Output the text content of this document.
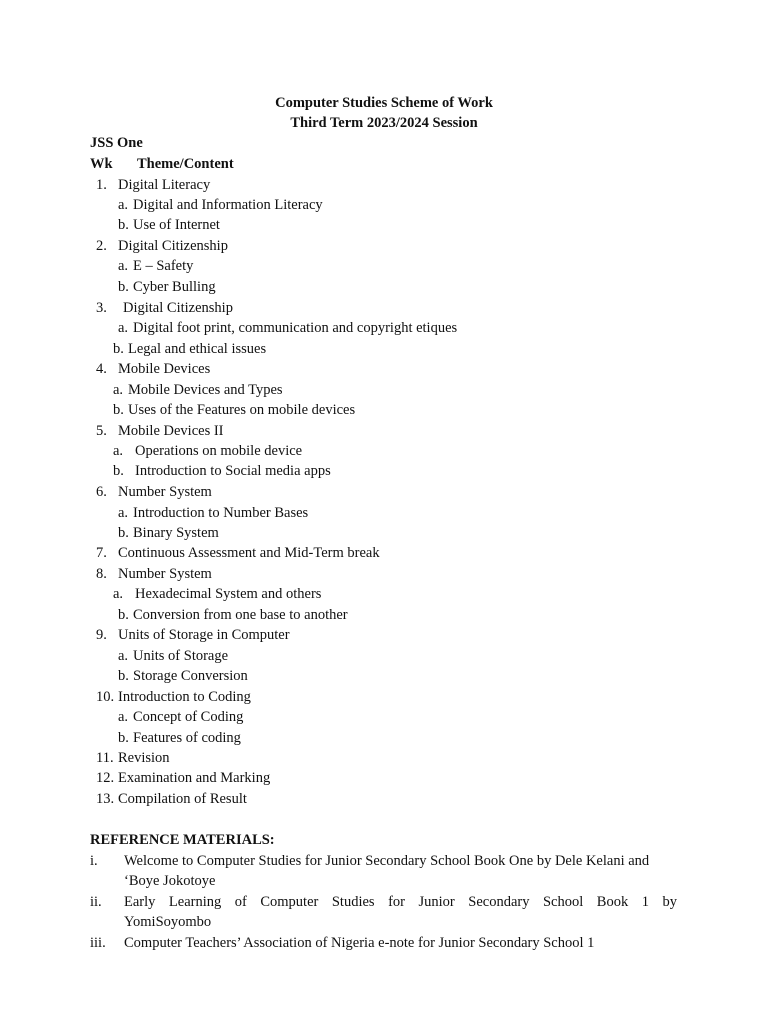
Computer Studies Scheme of Work
Third Term 2023/2024 Session
JSS One
Wk Theme/Content
1. Digital Literacy
a. Digital and Information Literacy
b. Use of Internet
2. Digital Citizenship
a. E – Safety
b. Cyber Bulling
3. Digital Citizenship
a. Digital foot print, communication and copyright etiques
b. Legal and ethical issues
4. Mobile Devices
a. Mobile Devices and Types
b. Uses of the Features on mobile devices
5. Mobile Devices II
a. Operations on mobile device
b. Introduction to Social media apps
6. Number System
a. Introduction to Number Bases
b. Binary System
7. Continuous Assessment and Mid-Term break
8. Number System
a. Hexadecimal System and others
b. Conversion from one base to another
9. Units of Storage in Computer
a. Units of Storage
b. Storage Conversion
10. Introduction to Coding
a. Concept of Coding
b. Features of coding
11. Revision
12. Examination and Marking
13. Compilation of Result
REFERENCE MATERIALS:
i. Welcome to Computer Studies for Junior Secondary School Book One by Dele Kelani and
‘Boye Jokotoye
ii. Early Learning of Computer Studies for Junior Secondary School Book 1 by
YomiSoyombo
iii. Computer Teachers’ Association of Nigeria e-note for Junior Secondary School 1
